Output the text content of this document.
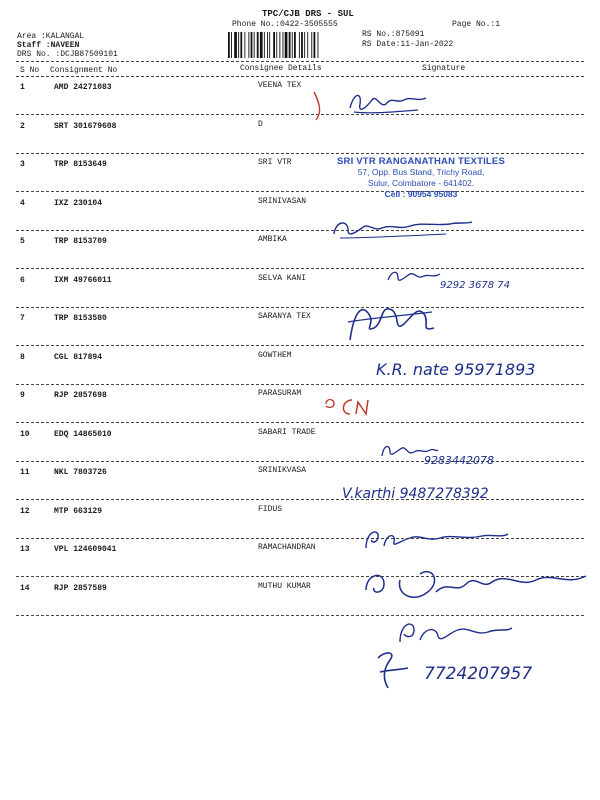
TPC/CJB DRS - SUL
Phone No.:0422-3505555	Page No.:1
Area :KALANGAL
Staff :NAVEEN
DRS No. :DCJB87509101
RS No.:875091
RS Date:11-Jan-2022
S No Consignment No	Consignee Details	Signature
1	AMD 24271083	VEENA TEX
2	SRT 301679608	D
3	TRP 8153649	SRI VTR
4	IXZ 230104	SRINIVASAN
5	TRP 8153709	AMBIKA
6	IXM 49766011	SELVA KANI
7	TRP 8153580	SARANYA TEX
8	CGL 817894	GOWTHEM
9	RJP 2857698	PARASURAM
10	EDQ 14865010	SABARI TRADE
11	NKL 7803726	SRINIKVASA
12	MTP 663129	FIDUS
13	VPL 124609041	RAMACHANDRAN
14	RJP 2857589	MUTHU KUMAR
SRI VTR RANGANATHAN TEXTILES
57, Opp. Bus Stand, Trichy Road,
Sulur, Coimbatore - 641402.
Cell : 90954 95083
9292 3678 74
K.R. nate 95971893
9283442078
V.karthi 9487278392
7724207957
